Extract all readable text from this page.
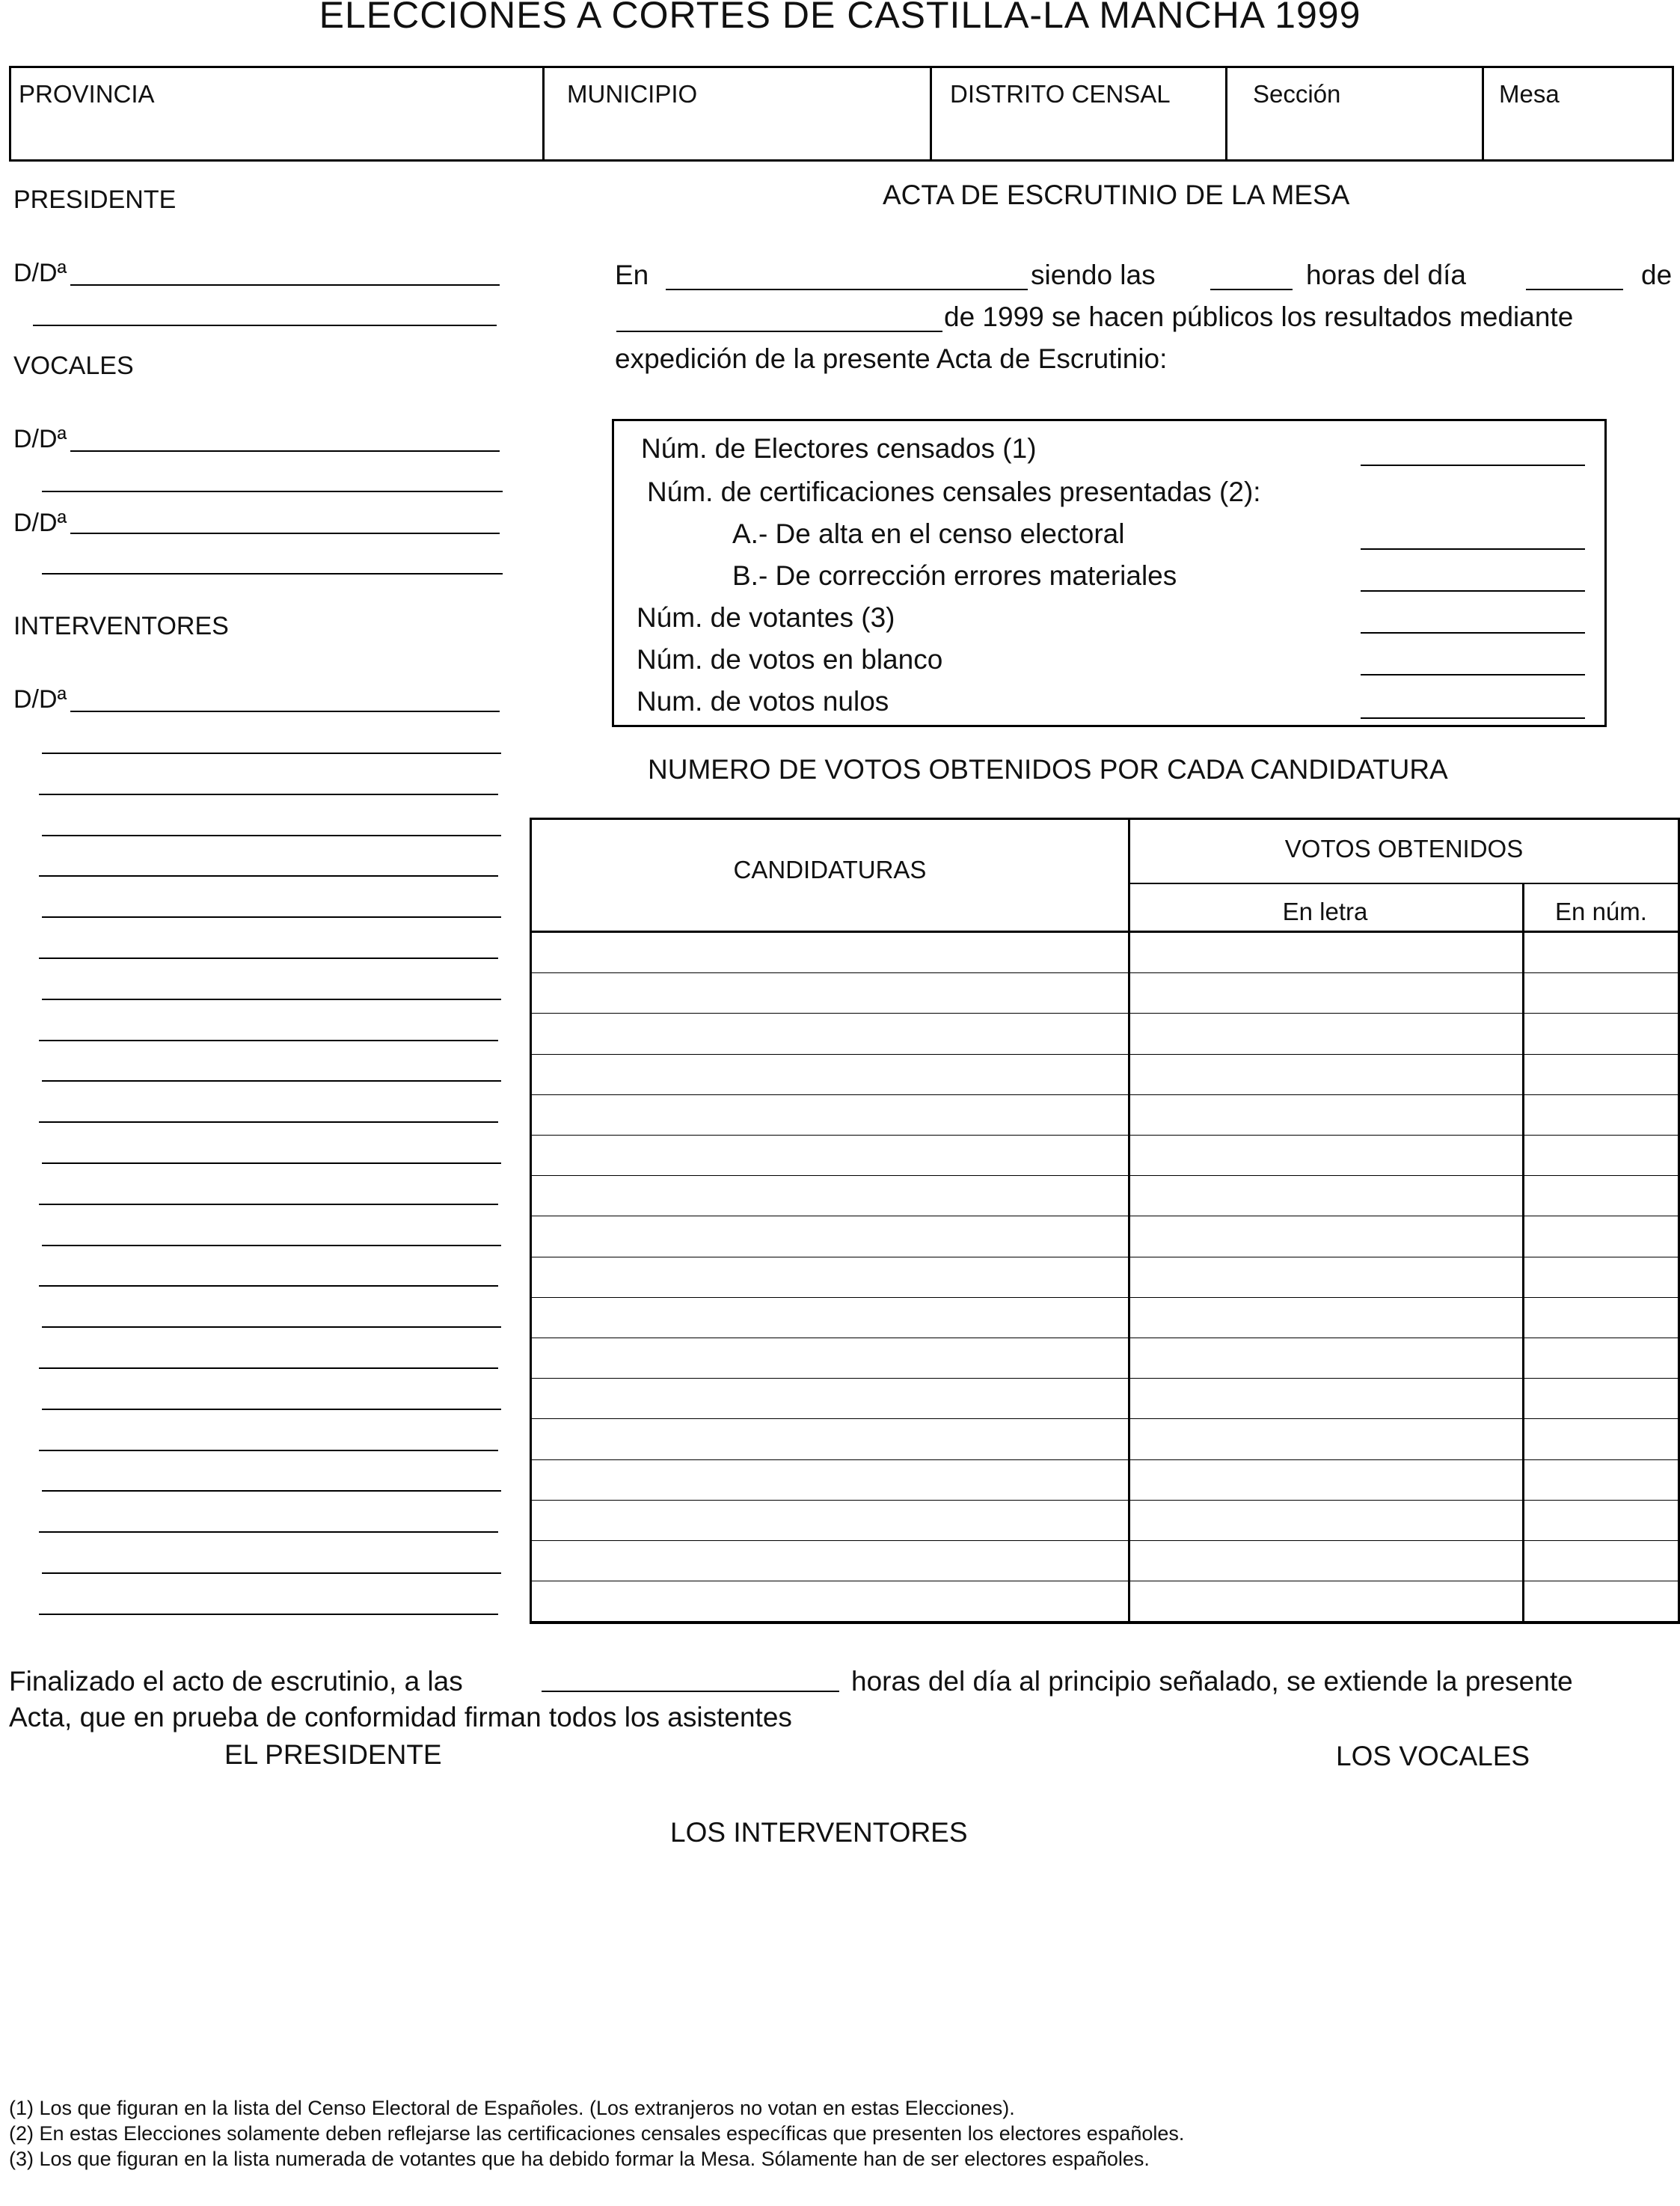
ELECCIONES A CORTES DE CASTILLA-LA MANCHA 1999
PROVINCIA	MUNICIPIO	DISTRITO CENSAL	Sección	Mesa
PRESIDENTE
D/Dª
VOCALES
D/Dª
D/Dª
INTERVENTORES
D/Dª
ACTA DE ESCRUTINIO DE LA MESA
En	siendo las	horas del día	de
de 1999 se hacen públicos los resultados mediante
expedición de la presente Acta de Escrutinio:
Núm. de Electores censados (1)
Núm. de certificaciones censales presentadas (2):
A.- De alta en el censo electoral
B.- De corrección errores materiales
Núm. de votantes (3)
Núm. de votos en blanco
Num. de votos nulos
NUMERO DE VOTOS OBTENIDOS POR CADA CANDIDATURA
CANDIDATURAS
VOTOS OBTENIDOS
En letra	En núm.
Finalizado el acto de escrutinio, a las	horas del día al principio señalado, se extiende la presente
Acta, que en prueba de conformidad firman todos los asistentes
EL PRESIDENTE	LOS VOCALES
LOS INTERVENTORES
(1) Los que figuran en la lista del Censo Electoral de Españoles. (Los extranjeros no votan en estas Elecciones).
(2) En estas Elecciones solamente deben reflejarse las certificaciones censales específicas que presenten los electores españoles.
(3) Los que figuran en la lista numerada de votantes que ha debido formar la Mesa. Sólamente han de ser electores españoles.
